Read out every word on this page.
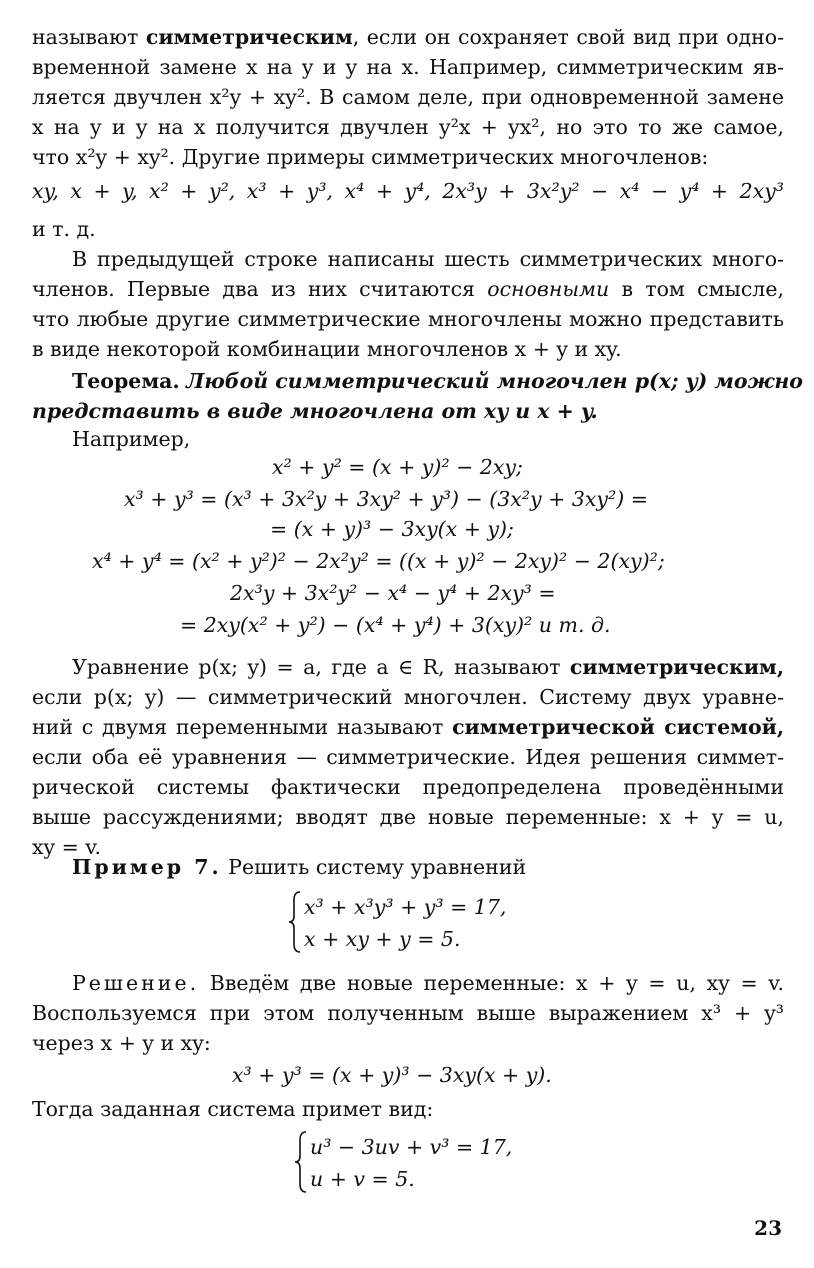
называют симметрическим, если он сохраняет свой вид при одно-
временной замене x на y и y на x. Например, симметрическим яв-
ляется двучлен x²y + xy². В самом деле, при одновременной замене
x на y и y на x получится двучлен y²x + yx², но это то же самое,
что x²y + xy². Другие примеры симметрических многочленов:
xy, x + y, x² + y², x³ + y³, x⁴ + y⁴, 2x³y + 3x²y² − x⁴ − y⁴ + 2xy³
и т. д.
В предыдущей строке написаны шесть симметрических много-
членов. Первые два из них считаются основными в том смысле,
что любые другие симметрические многочлены можно представить
в виде некоторой комбинации многочленов x + y и xy.
Теорема. Любой симметрический многочлен p(x; y) можно
представить в виде многочлена от xy и x + y.
Например,
x² + y² = (x + y)² − 2xy;
x³ + y³ = (x³ + 3x²y + 3xy² + y³) − (3x²y + 3xy²) =
= (x + y)³ − 3xy(x + y);
x⁴ + y⁴ = (x² + y²)² − 2x²y² = ((x + y)² − 2xy)² − 2(xy)²;
2x³y + 3x²y² − x⁴ − y⁴ + 2xy³ =
= 2xy(x² + y²) − (x⁴ + y⁴) + 3(xy)² и т. д.
Уравнение p(x; y) = a, где a ∈ R, называют симметрическим,
если p(x; y) — симметрический многочлен. Систему двух уравне-
ний с двумя переменными называют симметрической системой,
если оба её уравнения — симметрические. Идея решения симмет-
рической системы фактически предопределена проведёнными
выше рассуждениями; вводят две новые переменные: x + y = u,
xy = v.
Пример 7. Решить систему уравнений
x³ + x³y³ + y³ = 17,
x + xy + y = 5.
Решение. Введём две новые переменные: x + y = u, xy = v.
Воспользуемся при этом полученным выше выражением x³ + y³
через x + y и xy:
x³ + y³ = (x + y)³ − 3xy(x + y).
Тогда заданная система примет вид:
u³ − 3uv + v³ = 17,
u + v = 5.
23
